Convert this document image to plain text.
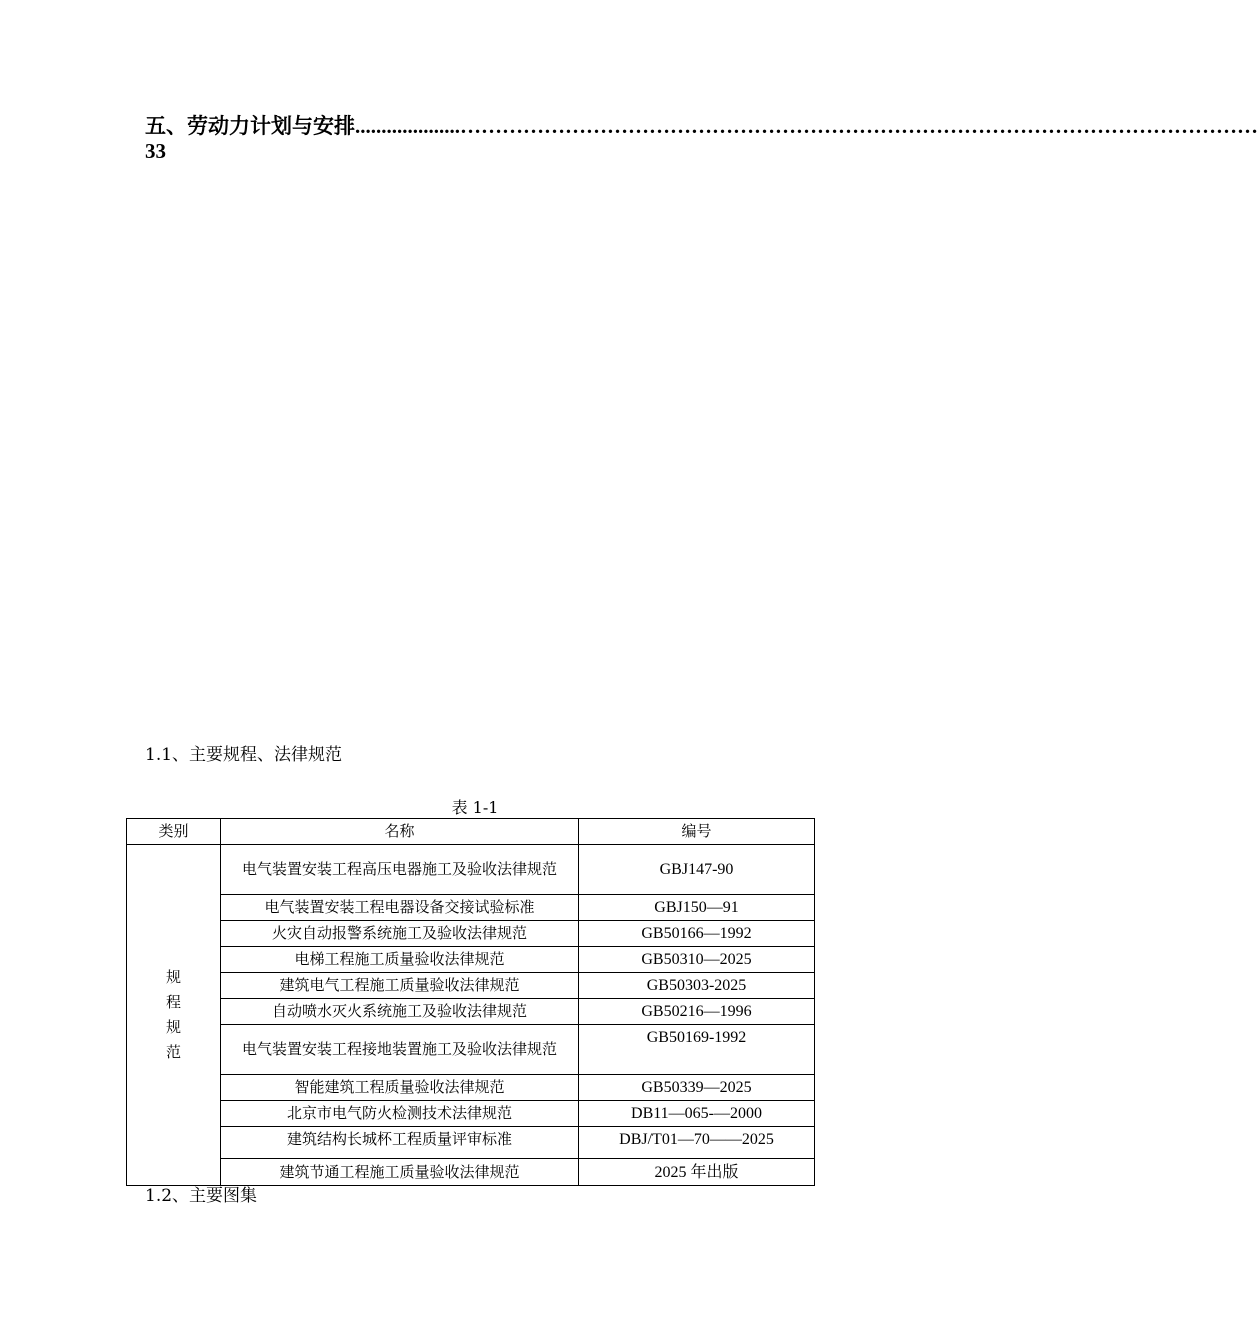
五、劳动力计划与安排....................……………………………………………………………………………………………………
33
1.1、主要规程、法律规范
表 1-1
类别	名称	编号

规
程
规
范	电气装置安装工程高压电器施工及验收法律规范	GBJ147-90
	电气装置安装工程电器设备交接试验标准	GBJ150—91
	火灾自动报警系统施工及验收法律规范	GB50166—1992
	电梯工程施工质量验收法律规范	GB50310—2025
	建筑电气工程施工质量验收法律规范	GB50303-2025
	自动喷水灭火系统施工及验收法律规范	GB50216—1996
	电气装置安装工程接地装置施工及验收法律规范	GB50169-1992
	智能建筑工程质量验收法律规范	GB50339—2025
	北京市电气防火检测技术法律规范	DB11—065-—2000
	建筑结构长城杯工程质量评审标准	DBJ/T01—70——2025
	建筑节通工程施工质量验收法律规范	2025 年出版
1.2、主要图集
